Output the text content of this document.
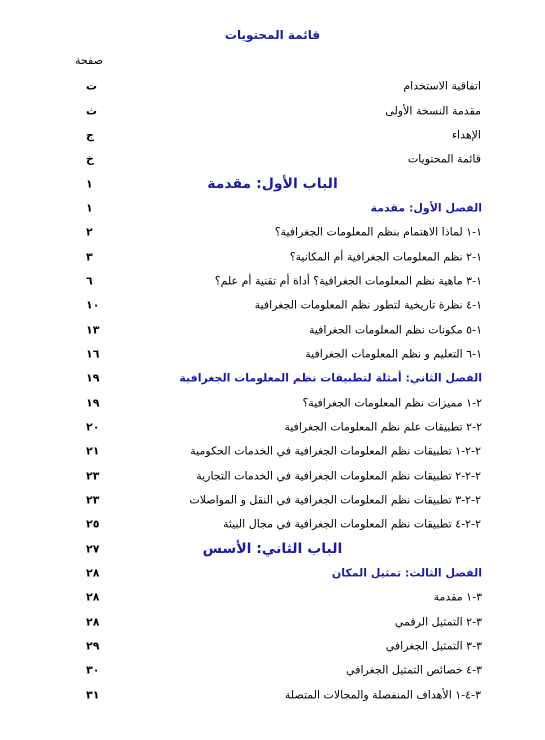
قائمة المحتويات
صفحة
اتفاقية الاستخدام
ت
مقدمة النسخة الأولى
ث
الإهداء
ج
قائمة المحتويات
خ
الباب الأول: مقدمة
١
الفصل الأول: مقدمة
١
١-١ لماذا الاهتمام بنظم المعلومات الجغرافية؟
٢
١-٢ نظم المعلومات الجغرافية أم المكانية؟
٣
١-٣ ماهية نظم المعلومات الجغرافية؟ أداة أم تقنية أم علم؟
٦
١-٤ نظرة تاريخية لتطور نظم المعلومات الجغرافية
١٠
١-٥ مكونات نظم المعلومات الجغرافية
١٣
١-٦ التعليم و نظم المعلومات الجغرافية
١٦
الفصل الثاني: أمثلة لتطبيقات نظم المعلومات الجغرافية
١٩
٢-١ مميزات نظم المعلومات الجغرافية؟
١٩
٢-٢ تطبيقات علم نظم المعلومات الجغرافية
٢٠
٢-٢-١ تطبيقات نظم المعلومات الجغرافية في الخدمات الحكومية
٢١
٢-٢-٢ تطبيقات نظم المعلومات الجغرافية في الخدمات التجارية
٢٣
٢-٢-٣ تطبيقات نظم المعلومات الجغرافية في النقل و المواصلات
٢٣
٢-٢-٤ تطبيقات نظم المعلومات الجغرافية في مجال البيئة
٢٥
الباب الثاني: الأسس
٢٧
الفصل الثالث: تمثيل المكان
٢٨
٣-١ مقدمة
٢٨
٣-٢ التمثيل الرقمي
٢٨
٣-٣ التمثيل الجغرافي
٢٩
٣-٤ خصائص التمثيل الجغرافي
٣٠
٣-٤-١ الأهداف المنفصلة والمجالات المتصلة
٣١
